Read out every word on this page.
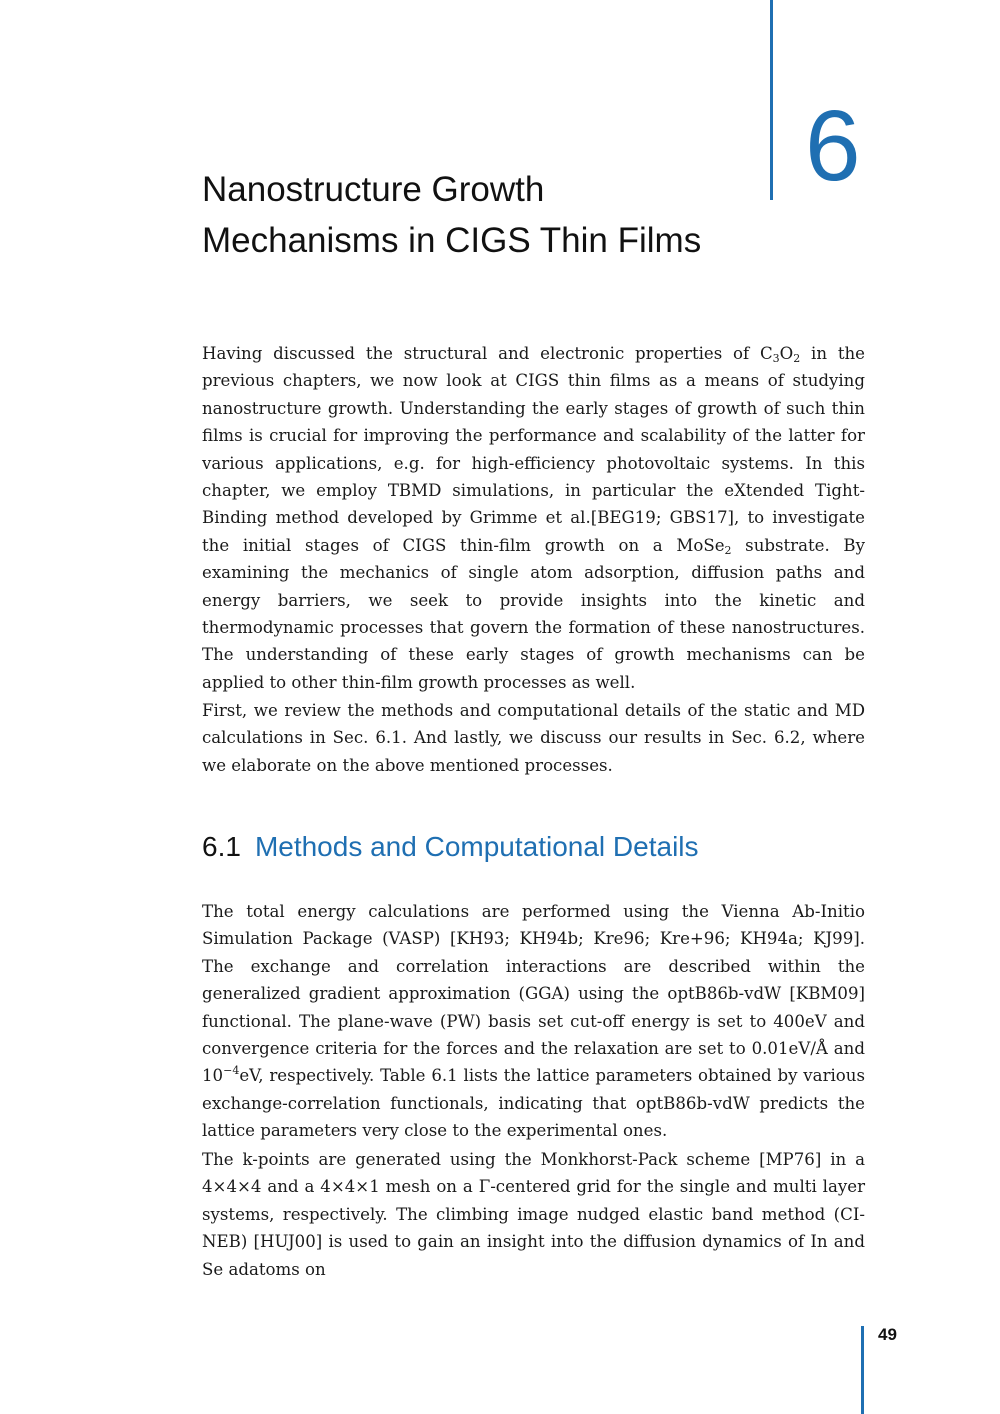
6
Nanostructure Growth
Mechanisms in CIGS Thin Films

Having discussed the structural and electronic properties of $C_3O_2$ in the previous chapters, we now look at CIGS thin films as a means of studying nanostructure growth. Understanding the early stages of growth of such thin films is crucial for improving the performance and scalability of the latter for various applications, e.g. for high-efficiency photovoltaic systems. In this chapter, we employ TBMD simulations, in particular the eXtended Tight-Binding method developed by Grimme et al.[BEG19; GBS17], to investigate the initial stages of CIGS thin-film growth on a MoSe$_2$ substrate. By examining the mechanics of single atom adsorption, diffusion paths and energy barriers, we seek to provide insights into the kinetic and thermodynamic processes that govern the formation of these nanostructures. The understanding of these early stages of growth mechanisms can be applied to other thin-film growth processes as well.

First, we review the methods and computational details of the static and MD calculations in Sec. 6.1. And lastly, we discuss our results in Sec. 6.2, where we elaborate on the above mentioned processes.

6.1 Methods and Computational Details

The total energy calculations are performed using the Vienna Ab-Initio Simulation Package (VASP) [KH93; KH94b; Kre96; Kre+96; KH94a; KJ99]. The exchange and correlation interactions are described within the generalized gradient approximation (GGA) using the optB86b-vdW [KBM09] functional. The plane-wave (PW) basis set cut-off energy is set to 400eV and convergence criteria for the forces and the relaxation are set to 0.01eV/Å and $10^{-4}eV$, respectively. Table 6.1 lists the lattice parameters obtained by various exchange-correlation functionals, indicating that optB86b-vdW predicts the lattice parameters very close to the experimental ones.

The k-points are generated using the Monkhorst-Pack scheme [MP76] in a 4×4×4 and a 4×4×1 mesh on a Γ-centered grid for the single and multi layer systems, respectively. The climbing image nudged elastic band method (CI-NEB) [HUJ00] is used to gain an insight into the diffusion dynamics of In and Se adatoms on

49
